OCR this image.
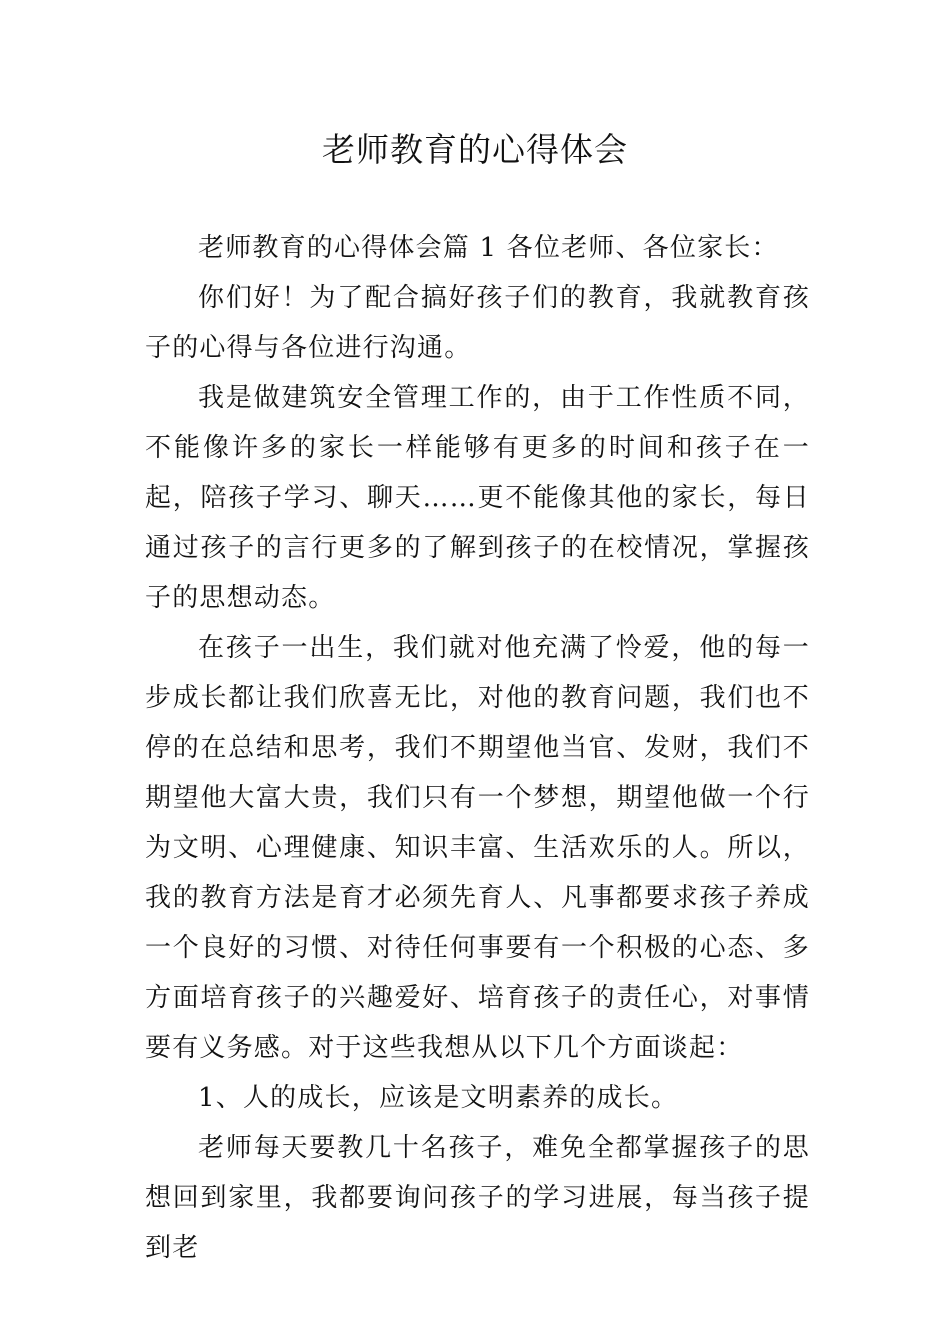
老师教育的心得体会

老师教育的心得体会篇 1 各位老师、各位家长：

你们好！为了配合搞好孩子们的教育，我就教育孩子的心得与各位进行沟通。

我是做建筑安全管理工作的，由于工作性质不同，不能像许多的家长一样能够有更多的时间和孩子在一起，陪孩子学习、聊天……更不能像其他的家长，每日通过孩子的言行更多的了解到孩子的在校情况，掌握孩子的思想动态。

在孩子一出生，我们就对他充满了怜爱，他的每一步成长都让我们欣喜无比，对他的教育问题，我们也不停的在总结和思考，我们不期望他当官、发财，我们不期望他大富大贵，我们只有一个梦想，期望他做一个行为文明、心理健康、知识丰富、生活欢乐的人。所以，我的教育方法是育才必须先育人、凡事都要求孩子养成一个良好的习惯、对待任何事要有一个积极的心态、多方面培育孩子的兴趣爱好、培育孩子的责任心，对事情要有义务感。对于这些我想从以下几个方面谈起：

1、人的成长，应该是文明素养的成长。

老师每天要教几十名孩子，难免全都掌握孩子的思想回到家里，我都要询问孩子的学习进展，每当孩子提到老
